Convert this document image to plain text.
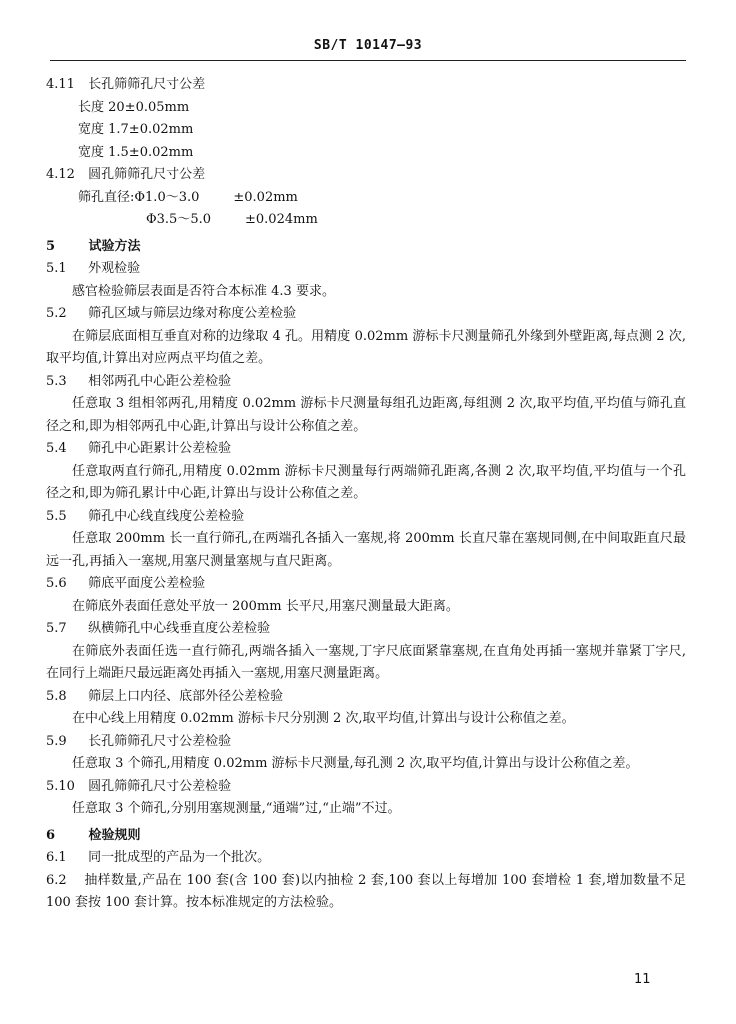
SB/T 10147—93
4.11 长孔筛筛孔尺寸公差
长度 20±0.05mm
宽度 1.7±0.02mm
宽度 1.5±0.02mm
4.12 圆孔筛筛孔尺寸公差
筛孔直径:Φ1.0～3.0	±0.02mm
Φ3.5～5.0	±0.024mm
5	试验方法
5.1 外观检验
感官检验筛层表面是否符合本标准 4.3 要求。
5.2 筛孔区域与筛层边缘对称度公差检验
在筛层底面相互垂直对称的边缘取 4 孔。用精度 0.02mm 游标卡尺测量筛孔外缘到外壁距离,每点测 2 次,取平均值,计算出对应两点平均值之差。
5.3 相邻两孔中心距公差检验
任意取 3 组相邻两孔,用精度 0.02mm 游标卡尺测量每组孔边距离,每组测 2 次,取平均值,平均值与筛孔直径之和,即为相邻两孔中心距,计算出与设计公称值之差。
5.4 筛孔中心距累计公差检验
任意取两直行筛孔,用精度 0.02mm 游标卡尺测量每行两端筛孔距离,各测 2 次,取平均值,平均值与一个孔径之和,即为筛孔累计中心距,计算出与设计公称值之差。
5.5 筛孔中心线直线度公差检验
任意取 200mm 长一直行筛孔,在两端孔各插入一塞规,将 200mm 长直尺靠在塞规同侧,在中间取距直尺最远一孔,再插入一塞规,用塞尺测量塞规与直尺距离。
5.6 筛底平面度公差检验
在筛底外表面任意处平放一 200mm 长平尺,用塞尺测量最大距离。
5.7 纵横筛孔中心线垂直度公差检验
在筛底外表面任选一直行筛孔,两端各插入一塞规,丁字尺底面紧靠塞规,在直角处再插一塞规并靠紧丁字尺,在同行上端距尺最远距离处再插入一塞规,用塞尺测量距离。
5.8 筛层上口内径、底部外径公差检验
在中心线上用精度 0.02mm 游标卡尺分别测 2 次,取平均值,计算出与设计公称值之差。
5.9 长孔筛筛孔尺寸公差检验
任意取 3 个筛孔,用精度 0.02mm 游标卡尺测量,每孔测 2 次,取平均值,计算出与设计公称值之差。
5.10 圆孔筛筛孔尺寸公差检验
任意取 3 个筛孔,分别用塞规测量,“通端”过,“止端”不过。
6	检验规则
6.1 同一批成型的产品为一个批次。
6.2 抽样数量,产品在 100 套(含 100 套)以内抽检 2 套,100 套以上每增加 100 套增检 1 套,增加数量不足 100 套按 100 套计算。按本标准规定的方法检验。
11
